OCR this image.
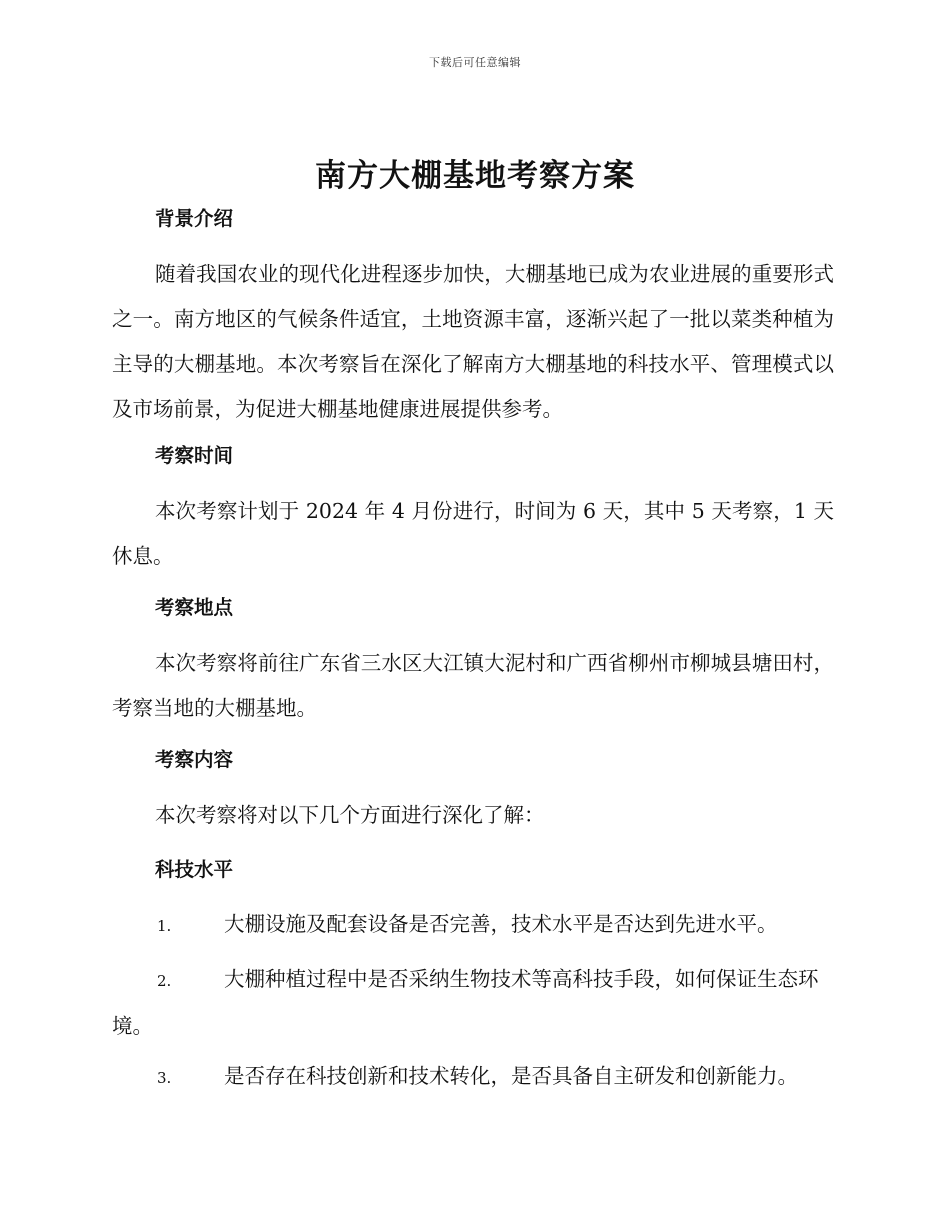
下载后可任意编辑
南方大棚基地考察方案
背景介绍
随着我国农业的现代化进程逐步加快，大棚基地已成为农业进展的重要形式之一。南方地区的气候条件适宜，土地资源丰富，逐渐兴起了一批以菜类种植为主导的大棚基地。本次考察旨在深化了解南方大棚基地的科技水平、管理模式以及市场前景，为促进大棚基地健康进展提供参考。
考察时间
本次考察计划于 2024 年 4 月份进行，时间为 6 天，其中 5 天考察，1 天休息。
考察地点
本次考察将前往广东省三水区大江镇大泥村和广西省柳州市柳城县塘田村，考察当地的大棚基地。
考察内容
本次考察将对以下几个方面进行深化了解：
科技水平
1.	大棚设施及配套设备是否完善，技术水平是否达到先进水平。
2.	大棚种植过程中是否采纳生物技术等高科技手段，如何保证生态环境。
3.	是否存在科技创新和技术转化，是否具备自主研发和创新能力。
